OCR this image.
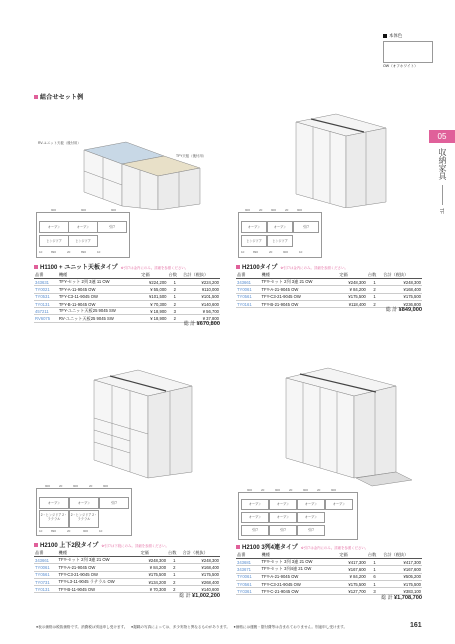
本体色
OW（オフホワイト）
05
収納家具
TF
組合せセット例
RV-ユニット天板（後付用）
TFY天板（後付用）
900	900	900
オープン	オープン	引戸
ヒンジドア	ヒンジドア
10	890	20	890	10
H1100 + ユニット天板タイプ ※引戸は金内にのみ。詳細を参照ください。
品番	機種	定価	台数	合計（税抜）
343631	TFY-セット 2列 3連 11 OW	¥224,200	1	¥224,200
TY0021	TFY-A-11-9045 OW	¥ 55,000	2	¥110,000
TY0531	TFY-C3-11-9045 OW	¥101,500	1	¥101,500
TY0131	TFY-B-11-9045 OW	¥ 70,300	2	¥140,600
457211	TFY-ユニット天板25 9045 SW	¥ 18,900	3	¥ 56,700
RV6075	RV-ユニット天板25 9045 SW	¥ 18,900	2	¥ 37,800
総 計 ¥670,800
900	20	900	20	900
オープン	オープン	引戸
ヒンジドア	ヒンジドア
10	890	20	900	10
H2100タイプ ※引戸は金内にのみ。詳細を参照ください。
品番	機種	定価	台数	合計（税抜）
343661	TFY-セット 2列 3連 21 OW	¥248,300	1	¥248,300
TY0061	TFY-A-21-9045 OW	¥ 84,200	2	¥168,400
TY0561	TFY-C3-21-9045 OW	¥175,500	1	¥175,500
TY0161	TFY-B-21-9045 OW	¥118,400	2	¥236,800
総 計 ¥849,000
900	20	900	20	900
オープン	オープン	引戸
2・ヒンジドア 2・ラテラル
2・ヒンジドア 2・ラテラル
10	890	20	900	10
H2100 上下2段タイプ ※引戸は下段にのみ。詳細を参照ください。
品番	機種	定価	台数	合計（税抜）
343661	TFY-セット 2列 3連 21 OW	¥248,300	1	¥248,300
TY0061	TFY-A-21-9045 OW	¥ 84,200	2	¥168,400
TY0561	TFY-C3-21-9045 OW	¥175,500	1	¥175,500
TY0731	TFY-L3-11-9045 ラテラル OW	¥134,200	2	¥268,400
TY0131	TFY-B-11-9045 OW	¥ 70,300	2	¥140,600
総 計 ¥1,002,200
900	20	900	20	900	20	900
オープン	オープン	オープン	オープン
オープン	オープン	オープン
引戸	引戸	引戸
H2100 3列4連タイプ ※引戸は金内にのみ。詳細を参照ください。
品番	機種	定価	台数	合計（税抜）
343681	TFY-セット 3列 3連 21 OW	¥417,300	1	¥417,300
343671	TFY-セット 3列4連 21 OW	¥167,600	1	¥167,600
TY0061	TFY-A-21-9045 OW	¥ 84,200	6	¥505,200
TY0561	TFY-C3-21-9045 OW	¥175,500	1	¥175,500
TY0361	TFY-C-21-9045 OW	¥127,700	3	¥383,100
総 計 ¥1,708,700
●表示価格は税抜価格です。消費税は別途申し受けます。　●掲載の写真によっては、多少実物と異なるものがあります。　●価格には運搬・据付費等は含まれておりません。別途申し受けます。	161
